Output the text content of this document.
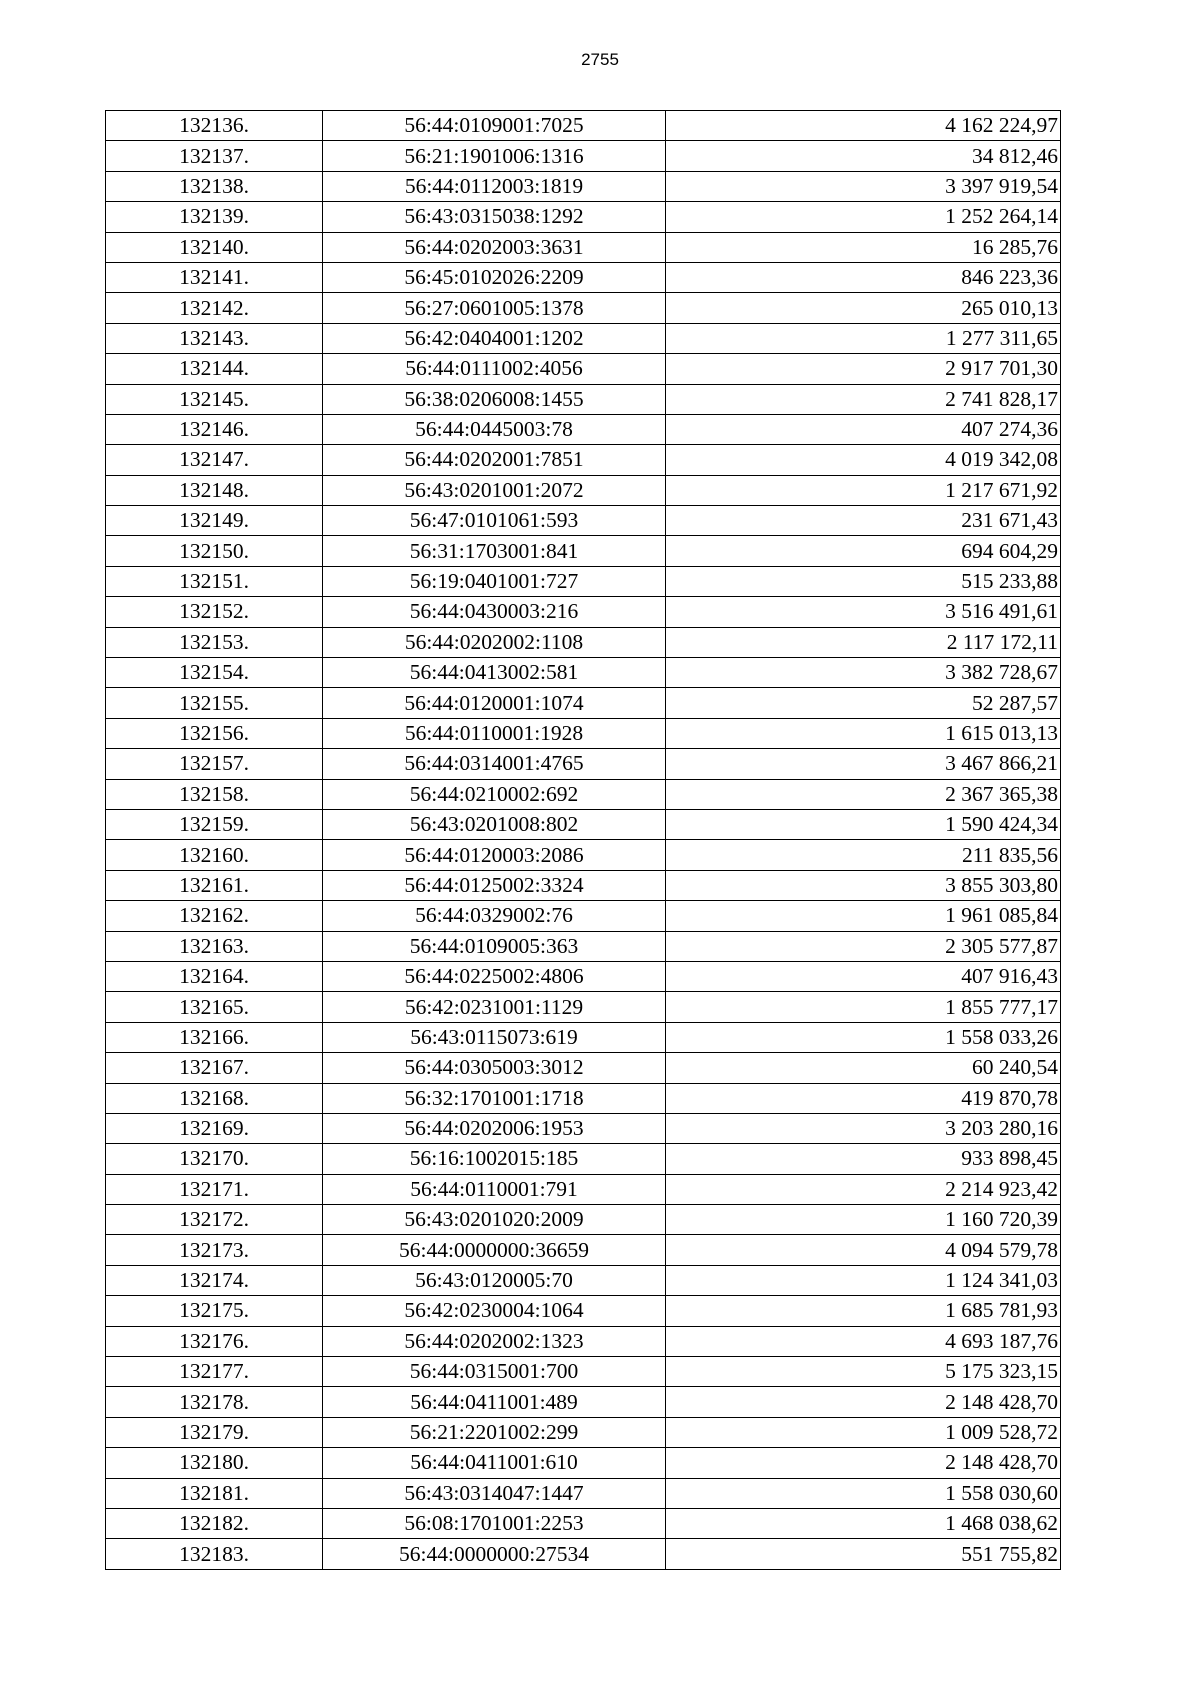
2755
132136.	56:44:0109001:7025	4 162 224,97
132137.	56:21:1901006:1316	34 812,46
132138.	56:44:0112003:1819	3 397 919,54
132139.	56:43:0315038:1292	1 252 264,14
132140.	56:44:0202003:3631	16 285,76
132141.	56:45:0102026:2209	846 223,36
132142.	56:27:0601005:1378	265 010,13
132143.	56:42:0404001:1202	1 277 311,65
132144.	56:44:0111002:4056	2 917 701,30
132145.	56:38:0206008:1455	2 741 828,17
132146.	56:44:0445003:78	407 274,36
132147.	56:44:0202001:7851	4 019 342,08
132148.	56:43:0201001:2072	1 217 671,92
132149.	56:47:0101061:593	231 671,43
132150.	56:31:1703001:841	694 604,29
132151.	56:19:0401001:727	515 233,88
132152.	56:44:0430003:216	3 516 491,61
132153.	56:44:0202002:1108	2 117 172,11
132154.	56:44:0413002:581	3 382 728,67
132155.	56:44:0120001:1074	52 287,57
132156.	56:44:0110001:1928	1 615 013,13
132157.	56:44:0314001:4765	3 467 866,21
132158.	56:44:0210002:692	2 367 365,38
132159.	56:43:0201008:802	1 590 424,34
132160.	56:44:0120003:2086	211 835,56
132161.	56:44:0125002:3324	3 855 303,80
132162.	56:44:0329002:76	1 961 085,84
132163.	56:44:0109005:363	2 305 577,87
132164.	56:44:0225002:4806	407 916,43
132165.	56:42:0231001:1129	1 855 777,17
132166.	56:43:0115073:619	1 558 033,26
132167.	56:44:0305003:3012	60 240,54
132168.	56:32:1701001:1718	419 870,78
132169.	56:44:0202006:1953	3 203 280,16
132170.	56:16:1002015:185	933 898,45
132171.	56:44:0110001:791	2 214 923,42
132172.	56:43:0201020:2009	1 160 720,39
132173.	56:44:0000000:36659	4 094 579,78
132174.	56:43:0120005:70	1 124 341,03
132175.	56:42:0230004:1064	1 685 781,93
132176.	56:44:0202002:1323	4 693 187,76
132177.	56:44:0315001:700	5 175 323,15
132178.	56:44:0411001:489	2 148 428,70
132179.	56:21:2201002:299	1 009 528,72
132180.	56:44:0411001:610	2 148 428,70
132181.	56:43:0314047:1447	1 558 030,60
132182.	56:08:1701001:2253	1 468 038,62
132183.	56:44:0000000:27534	551 755,82
